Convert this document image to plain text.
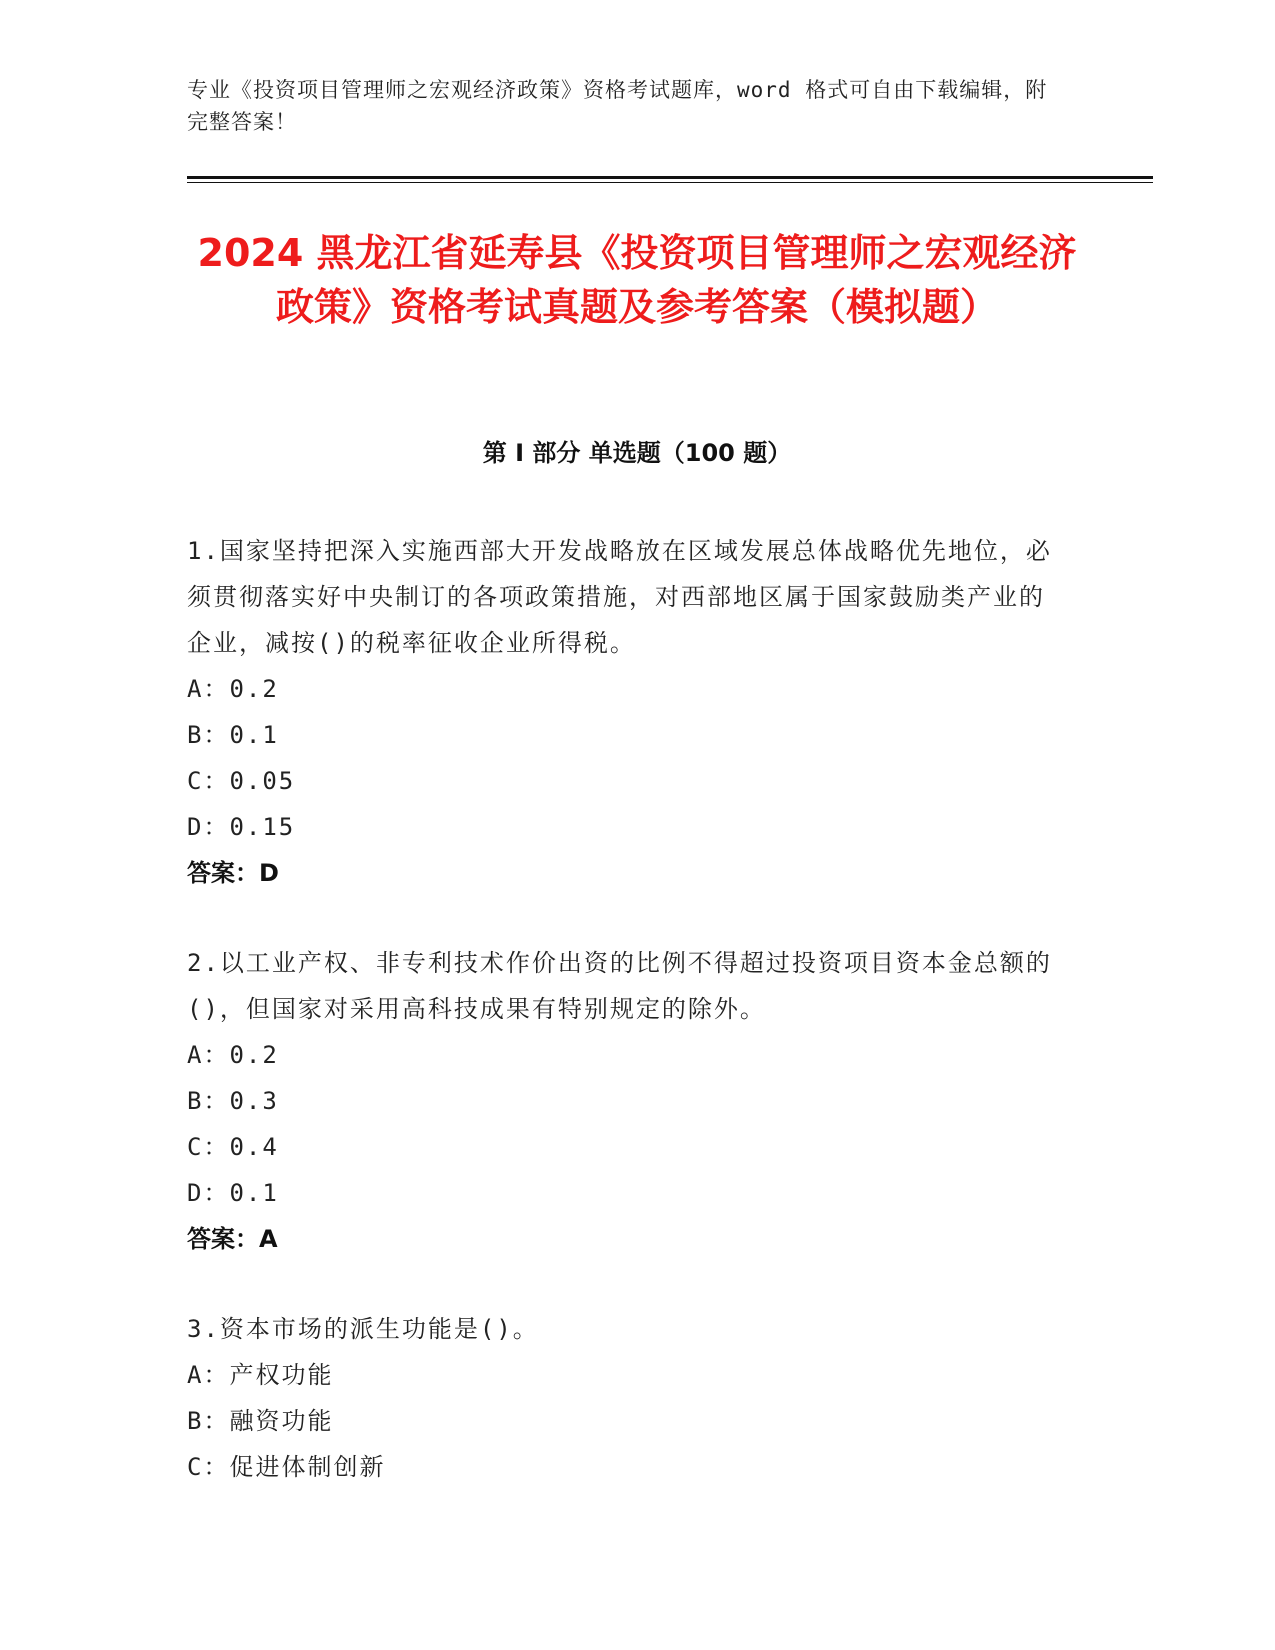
专业《投资项目管理师之宏观经济政策》资格考试题库，word 格式可自由下载编辑，附完整答案！
2024 黑龙江省延寿县《投资项目管理师之宏观经济政策》资格考试真题及参考答案（模拟题）
第 I 部分 单选题（100 题）
1.国家坚持把深入实施西部大开发战略放在区域发展总体战略优先地位，必须贯彻落实好中央制订的各项政策措施，对西部地区属于国家鼓励类产业的企业，减按()的税率征收企业所得税。
A：0.2
B：0.1
C：0.05
D：0.15
答案：D
2.以工业产权、非专利技术作价出资的比例不得超过投资项目资本金总额的()，但国家对采用高科技成果有特别规定的除外。
A：0.2
B：0.3
C：0.4
D：0.1
答案：A
3.资本市场的派生功能是()。
A：产权功能
B：融资功能
C：促进体制创新
